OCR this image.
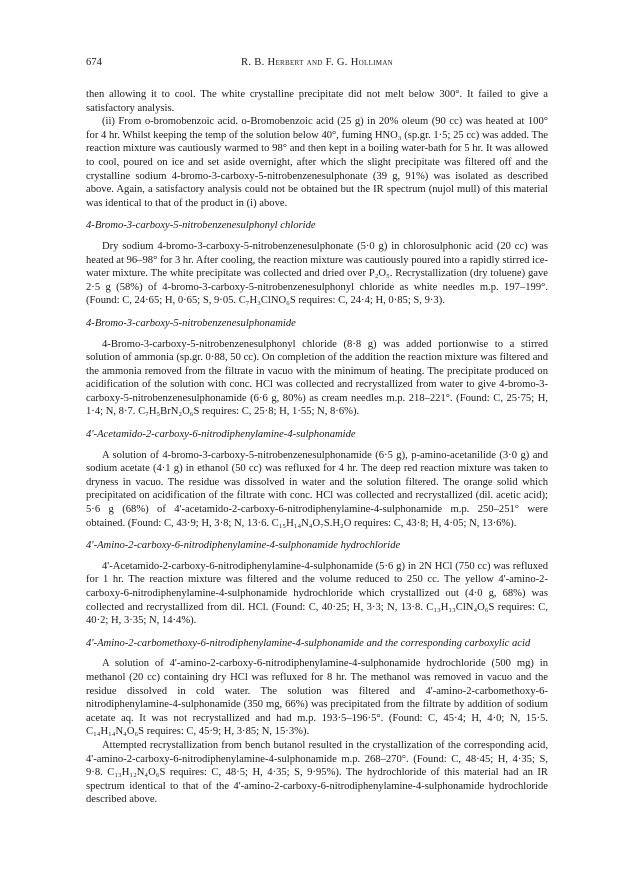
674	R. B. Herbert and F. G. Holliman

then allowing it to cool. The white crystalline precipitate did not melt below 300°. It failed to give a satisfactory analysis.

(ii) From o-bromobenzoic acid. o-Bromobenzoic acid (25 g) in 20% oleum (90 cc) was heated at 100° for 4 hr. Whilst keeping the temp of the solution below 40°, fuming HNO₃ (sp.gr. 1·5; 25 cc) was added. The reaction mixture was cautiously warmed to 98° and then kept in a boiling water-bath for 5 hr. It was allowed to cool, poured on ice and set aside overnight, after which the slight precipitate was filtered off and the crystalline sodium 4-bromo-3-carboxy-5-nitrobenzenesulphonate (39 g, 91%) was isolated as described above. Again, a satisfactory analysis could not be obtained but the IR spectrum (nujol mull) of this material was identical to that of the product in (i) above.

4-Bromo-3-carboxy-5-nitrobenzenesulphonyl chloride

Dry sodium 4-bromo-3-carboxy-5-nitrobenzenesulphonate (5·0 g) in chlorosulphonic acid (20 cc) was heated at 96–98° for 3 hr. After cooling, the reaction mixture was cautiously poured into a rapidly stirred ice-water mixture. The white precipitate was collected and dried over P₂O₅. Recrystallization (dry toluene) gave 2·5 g (58%) of 4-bromo-3-carboxy-5-nitrobenzenesulphonyl chloride as white needles m.p. 197–199°. (Found: C, 24·65; H, 0·65; S, 9·05. C₇H₃ClNO₆S requires: C, 24·4; H, 0·85; S, 9·3).

4-Bromo-3-carboxy-5-nitrobenzenesulphonamide

4-Bromo-3-carboxy-5-nitrobenzenesulphonyl chloride (8·8 g) was added portionwise to a stirred solution of ammonia (sp.gr. 0·88, 50 cc). On completion of the addition the reaction mixture was filtered and the ammonia removed from the filtrate in vacuo with the minimum of heating. The precipitate produced on acidification of the solution with conc. HCl was collected and recrystallized from water to give 4-bromo-3-carboxy-5-nitrobenzenesulphonamide (6·6 g, 80%) as cream needles m.p. 218–221°. (Found: C, 25·75; H, 1·4; N, 8·7. C₇H₅BrN₂O₆S requires: C, 25·8; H, 1·55; N, 8·6%).

4'-Acetamido-2-carboxy-6-nitrodiphenylamine-4-sulphonamide

A solution of 4-bromo-3-carboxy-5-nitrobenzenesulphonamide (6·5 g), p-amino-acetanilide (3·0 g) and sodium acetate (4·1 g) in ethanol (50 cc) was refluxed for 4 hr. The deep red reaction mixture was taken to dryness in vacuo. The residue was dissolved in water and the solution filtered. The orange solid which precipitated on acidification of the filtrate with conc. HCl was collected and recrystallized (dil. acetic acid); 5·6 g (68%) of 4'-acetamido-2-carboxy-6-nitrodiphenylamine-4-sulphonamide m.p. 250–251° were obtained. (Found: C, 43·9; H, 3·8; N, 13·6. C₁₅H₁₄N₄O₇S.H₂O requires: C, 43·8; H, 4·05; N, 13·6%).

4'-Amino-2-carboxy-6-nitrodiphenylamine-4-sulphonamide hydrochloride

4'-Acetamido-2-carboxy-6-nitrodiphenylamine-4-sulphonamide (5·6 g) in 2N HCl (750 cc) was refluxed for 1 hr. The reaction mixture was filtered and the volume reduced to 250 cc. The yellow 4'-amino-2-carboxy-6-nitrodiphenylamine-4-sulphonamide hydrochloride which crystallized out (4·0 g, 68%) was collected and recrystallized from dil. HCl. (Found: C, 40·25; H, 3·3; N, 13·8. C₁₃H₁₃ClN₄O₆S requires: C, 40·2; H, 3·35; N, 14·4%).

4'-Amino-2-carbomethoxy-6-nitrodiphenylamine-4-sulphonamide and the corresponding carboxylic acid

A solution of 4'-amino-2-carboxy-6-nitrodiphenylamine-4-sulphonamide hydrochloride (500 mg) in methanol (20 cc) containing dry HCl was refluxed for 8 hr. The methanol was removed in vacuo and the residue dissolved in cold water. The solution was filtered and 4'-amino-2-carbomethoxy-6-nitrodiphenylamine-4-sulphonamide (350 mg, 66%) was precipitated from the filtrate by addition of sodium acetate aq. It was not recrystallized and had m.p. 193·5–196·5°. (Found: C, 45·4; H, 4·0; N, 15·5. C₁₄H₁₄N₄O₆S requires: C, 45·9; H, 3·85; N, 15·3%).

Attempted recrystallization from bench butanol resulted in the crystallization of the corresponding acid, 4'-amino-2-carboxy-6-nitrodiphenylamine-4-sulphonamide m.p. 268–270°. (Found: C, 48·45; H, 4·35; S, 9·8. C₁₃H₁₂N₄O₆S requires: C, 48·5; H, 4·35; S, 9·95%). The hydrochloride of this material had an IR spectrum identical to that of the 4'-amino-2-carboxy-6-nitrodiphenylamine-4-sulphonamide hydrochloride described above.
